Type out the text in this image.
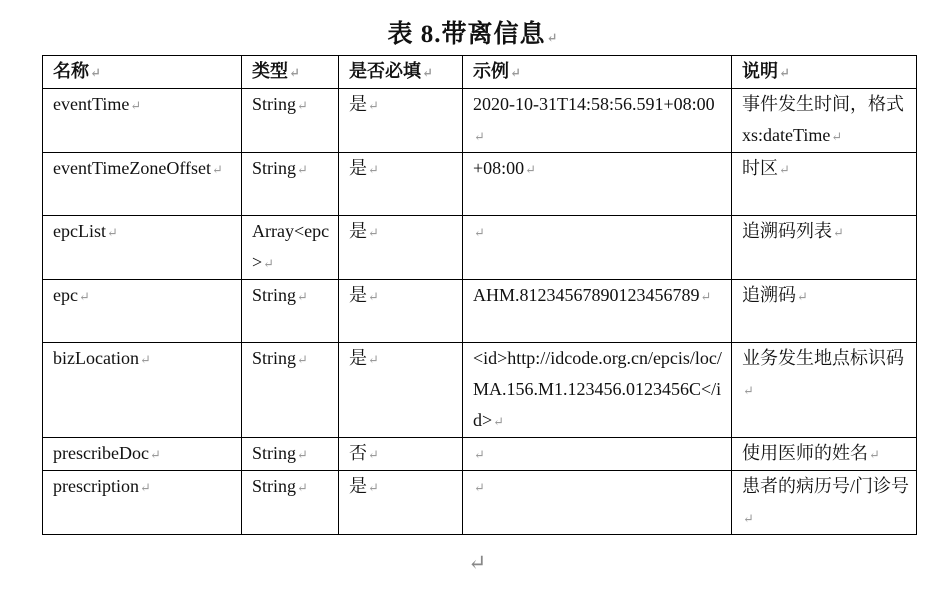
表 8.带离信息 ↵
名称 ↵	类型 ↵	是否必填 ↵	示例 ↵	说明 ↵
eventTime ↵	String ↵	是 ↵	2020-10-31T14:58:56.591+08:00 ↵	事件发生时间，格式 xs:dateTime ↵
eventTimeZoneOffset ↵	String ↵	是 ↵	+08:00 ↵	时区 ↵
epcList ↵	Array<epc> ↵	是 ↵	↵	追溯码列表 ↵
epc ↵	String ↵	是 ↵	AHM.81234567890123456789 ↵	追溯码 ↵
bizLocation ↵	String ↵	是 ↵	<id>http://idcode.org.cn/epcis/loc/MA.156.M1.123456.0123456C</id> ↵	业务发生地点标识码 ↵
prescribeDoc ↵	String ↵	否 ↵	↵	使用医师的姓名 ↵
prescription ↵	String ↵	是 ↵	↵	患者的病历号/门诊号 ↵
↵
